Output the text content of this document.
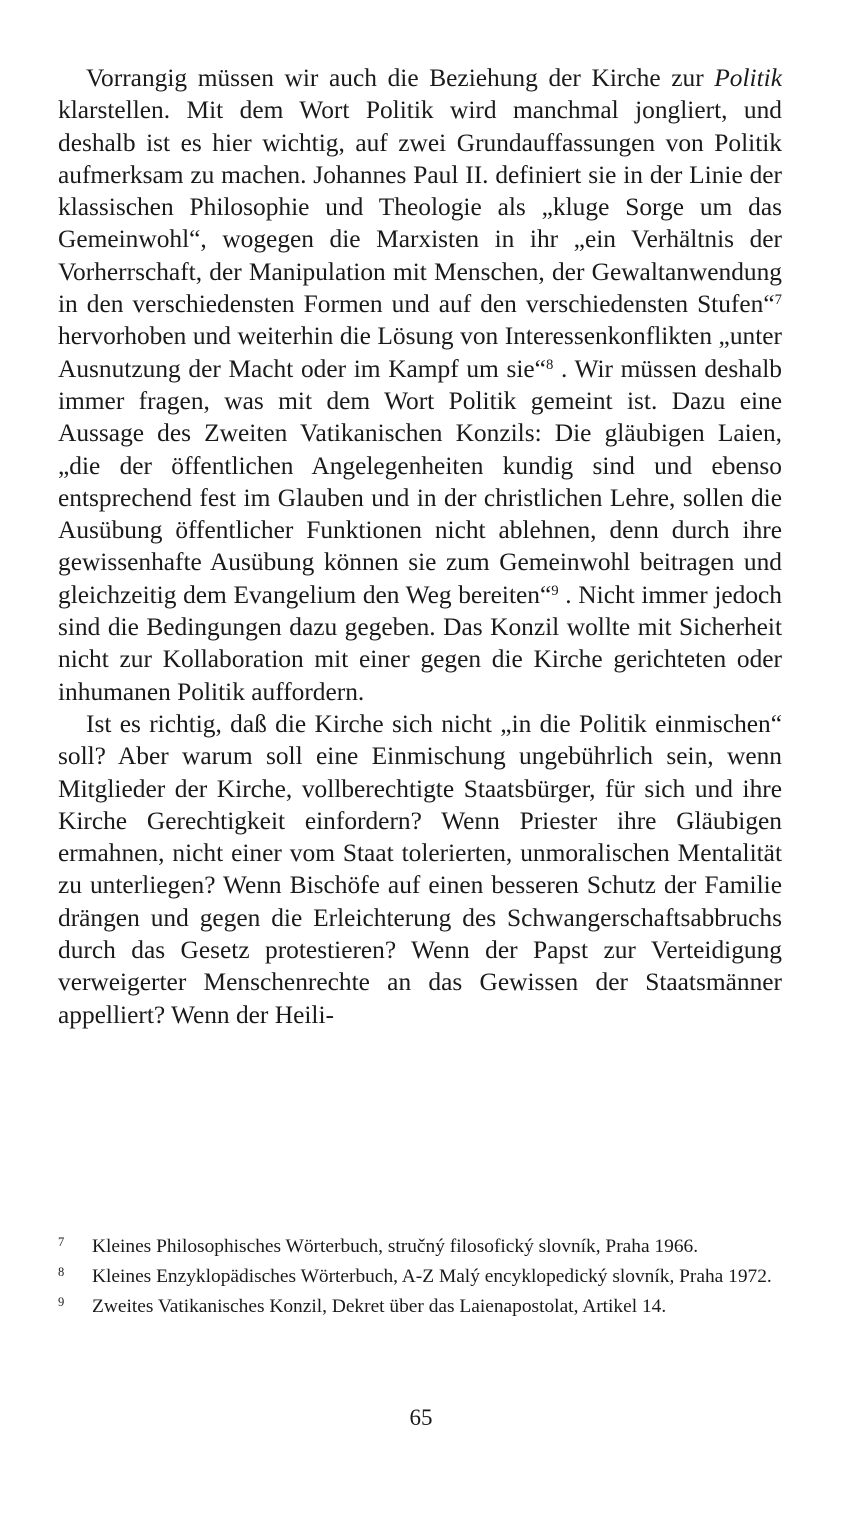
Vorrangig müssen wir auch die Beziehung der Kirche zur Politik klarstellen. Mit dem Wort Politik wird manchmal jongliert, und deshalb ist es hier wichtig, auf zwei Grundauffassungen von Politik aufmerksam zu machen. Johannes Paul II. definiert sie in der Linie der klassischen Philosophie und Theologie als „kluge Sorge um das Gemeinwohl“, wogegen die Marxisten in ihr „ein Verhältnis der Vorherrschaft, der Manipulation mit Menschen, der Gewaltanwendung in den verschiedensten Formen und auf den verschiedensten Stufen“$^7$ hervorhoben und weiterhin die Lösung von Interessenkonflikten „unter Ausnutzung der Macht oder im Kampf um sie“$^8$ . Wir müssen deshalb immer fragen, was mit dem Wort Politik gemeint ist. Dazu eine Aussage des Zweiten Vatikanischen Konzils: Die gläubigen Laien, „die der öffentlichen Angelegenheiten kundig sind und ebenso entsprechend fest im Glauben und in der christlichen Lehre, sollen die Ausübung öffentlicher Funktionen nicht ablehnen, denn durch ihre gewissenhafte Ausübung können sie zum Gemeinwohl beitragen und gleichzeitig dem Evangelium den Weg bereiten“$^9$ . Nicht immer jedoch sind die Bedingungen dazu gegeben. Das Konzil wollte mit Sicherheit nicht zur Kollaboration mit einer gegen die Kirche gerichteten oder inhumanen Politik auffordern.

Ist es richtig, daß die Kirche sich nicht „in die Politik einmischen“ soll? Aber warum soll eine Einmischung ungebührlich sein, wenn Mitglieder der Kirche, vollberechtigte Staatsbürger, für sich und ihre Kirche Gerechtigkeit einfordern? Wenn Priester ihre Gläubigen ermahnen, nicht einer vom Staat tolerierten, unmoralischen Mentalität zu unterliegen? Wenn Bischöfe auf einen besseren Schutz der Familie drängen und gegen die Erleichterung des Schwangerschaftsabbruchs durch das Gesetz protestieren? Wenn der Papst zur Verteidigung verweigerter Menschenrechte an das Gewissen der Staatsmänner appelliert? Wenn der Heili-

7 Kleines Philosophisches Wörterbuch, stručný filosofický slovník, Praha 1966.
8 Kleines Enzyklopädisches Wörterbuch, A-Z Malý encyklopedický slovník, Praha 1972.
9 Zweites Vatikanisches Konzil, Dekret über das Laienapostolat, Artikel 14.
65
